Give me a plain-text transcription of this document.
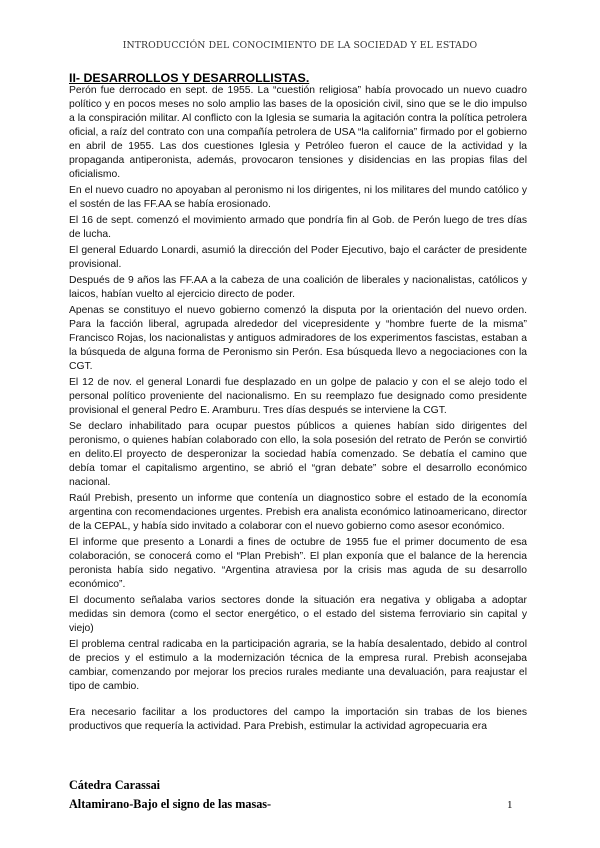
INTRODUCCIÓN DEL CONOCIMIENTO DE LA SOCIEDAD Y EL ESTADO
II- DESARROLLOS Y DESARROLLISTAS.

Perón fue derrocado en sept. de 1955. La “cuestión religiosa” había provocado un nuevo cuadro político y en pocos meses no solo amplio las bases de la oposición civil, sino que se le dio impulso a la conspiración militar. Al conflicto con la Iglesia se sumaria la agitación contra la política petrolera oficial, a raíz del contrato con una compañía petrolera de USA “la california” firmado por el gobierno en abril de 1955. Las dos cuestiones Iglesia y Petróleo fueron el cauce de la actividad y la propaganda antiperonista, además, provocaron tensiones y disidencias en las propias filas del oficialismo.

En el nuevo cuadro no apoyaban al peronismo ni los dirigentes, ni los militares del mundo católico y el sostén de las FF.AA se había erosionado.

El 16 de sept. comenzó el movimiento armado que pondría fin al Gob. de Perón luego de tres días de lucha.

El general Eduardo Lonardi, asumió la dirección del Poder Ejecutivo, bajo el carácter de presidente provisional.

Después de 9 años las FF.AA a la cabeza de una coalición de liberales y nacionalistas, católicos y laicos, habían vuelto al ejercicio directo de poder.

Apenas se constituyo el nuevo gobierno comenzó la disputa por la orientación del nuevo orden. Para la facción liberal, agrupada alrededor del vicepresidente y “hombre fuerte de la misma” Francisco Rojas, los nacionalistas y antiguos admiradores de los experimentos fascistas, estaban a la búsqueda de alguna forma de Peronismo sin Perón. Esa búsqueda llevo a negociaciones con la CGT.

El 12 de nov. el general Lonardi fue desplazado en un golpe de palacio y con el se alejo todo el personal político proveniente del nacionalismo. En su reemplazo fue designado como presidente provisional el general Pedro E. Aramburu. Tres días después se interviene la CGT.

Se declaro inhabilitado para ocupar puestos públicos a quienes habían sido dirigentes del peronismo, o quienes habían colaborado con ello, la sola posesión del retrato de Perón se convirtió en delito.El proyecto de desperonizar la sociedad había comenzado. Se debatía el camino que debía tomar el capitalismo argentino, se abrió el “gran debate” sobre el desarrollo económico nacional.

Raúl Prebish, presento un informe que contenía un diagnostico sobre el estado de la economía argentina con recomendaciones urgentes. Prebish era analista económico latinoamericano, director de la CEPAL, y había sido invitado a colaborar con el nuevo gobierno como asesor económico.

El informe que presento a Lonardi a fines de octubre de 1955 fue el primer documento de esa colaboración, se conocerá como el “Plan Prebish”. El plan exponía que el balance de la herencia peronista había sido negativo. “Argentina atraviesa por la crisis mas aguda de su desarrollo económico”.

El documento señalaba varios sectores donde la situación era negativa y obligaba a adoptar medidas sin demora (como el sector energético, o el estado del sistema ferroviario sin capital y viejo)

El problema central radicaba en la participación agraria, se la había desalentado, debido al control de precios y el estimulo a la modernización técnica de la empresa rural. Prebish aconsejaba cambiar, comenzando por mejorar los precios rurales mediante una devaluación, para reajustar el tipo de cambio.

Era necesario facilitar a los productores del campo la importación sin trabas de los bienes productivos que requería la actividad. Para Prebish, estimular la actividad agropecuaria era

Cátedra Carassai
Altamirano-Bajo el signo de las masas-	1
